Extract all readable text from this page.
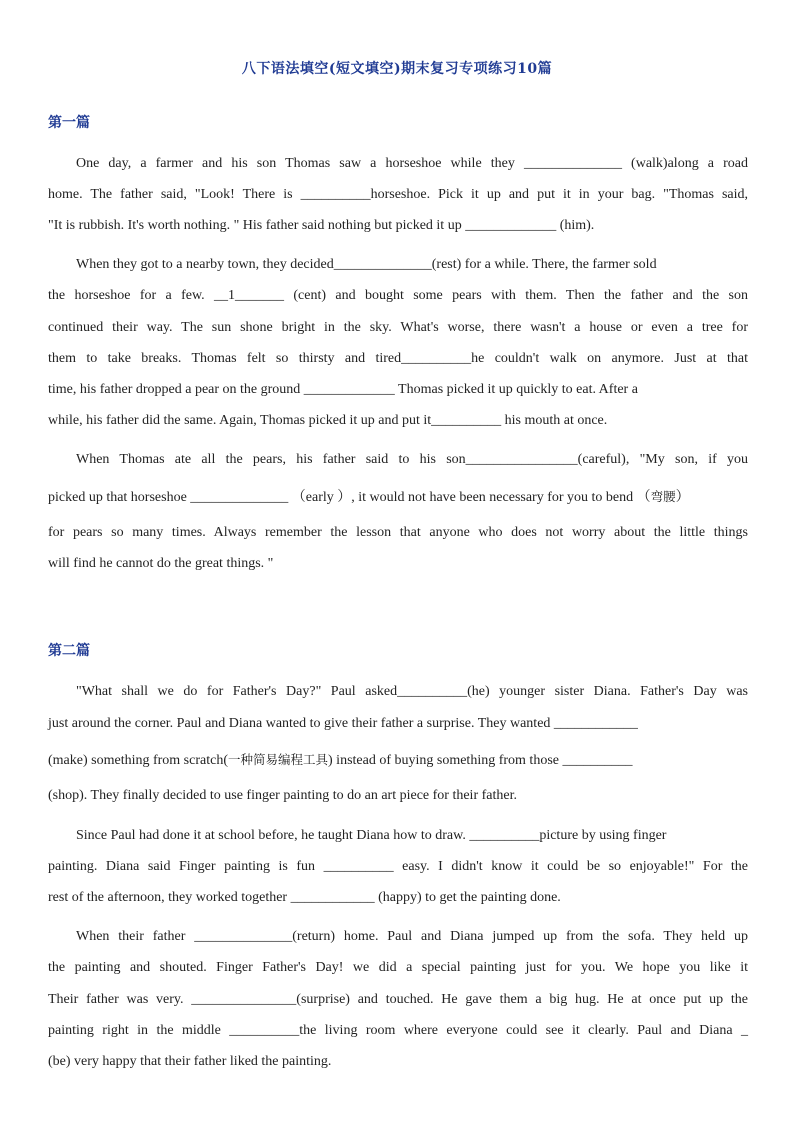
八下语法填空(短文填空)期末复习专项练习10篇
第一篇
One day, a farmer and his son Thomas saw a horseshoe while they ______________ (walk)along a road
home. The father said, "Look! There is __________horseshoe. Pick it up and put it in your bag. "Thomas said,
"It is rubbish. It's worth nothing. " His father said nothing but picked it up _____________ (him).
When they got to a nearby town, they decided______________(rest) for a while. There, the farmer sold
the horseshoe for a few. __1_______ (cent) and bought some pears with them. Then the father and the son
continued their way. The sun shone bright in the sky. What's worse, there wasn't a house or even a tree for
them to take breaks. Thomas felt so thirsty and tired__________he couldn't walk on anymore. Just at that
time, his father dropped a pear on the ground _____________ Thomas picked it up quickly to eat. After a
while, his father did the same. Again, Thomas picked it up and put it__________ his mouth at once.
When Thomas ate all the pears, his father said to his son________________(careful), "My son, if you
picked up that horseshoe ______________ （early ）, it would not have been necessary for you to bend （弯腰）
for pears so many times. Always remember the lesson that anyone who does not worry about the little things
will find he cannot do the great things. "
第二篇
"What shall we do for Father's Day?" Paul asked__________(he) younger sister Diana. Father's Day was
just around the corner. Paul and Diana wanted to give their father a surprise. They wanted ____________
(make) something from scratch(一种简易编程工具) instead of buying something from those __________
(shop). They finally decided to use finger painting to do an art piece for their father.
Since Paul had done it at school before, he taught Diana how to draw. __________picture by using finger
painting. Diana said Finger painting is fun __________ easy. I didn't know it could be so enjoyable!" For the
rest of the afternoon, they worked together ____________ (happy) to get the painting done.
When their father ______________(return) home. Paul and Diana jumped up from the sofa. They held up
the painting and shouted. Finger Father's Day! we did a special painting just for you. We hope you like it
Their father was very. _______________(surprise) and touched. He gave them a big hug. He at once put up the
painting right in the middle __________the living room where everyone could see it clearly. Paul and Diana _
(be) very happy that their father liked the painting.
